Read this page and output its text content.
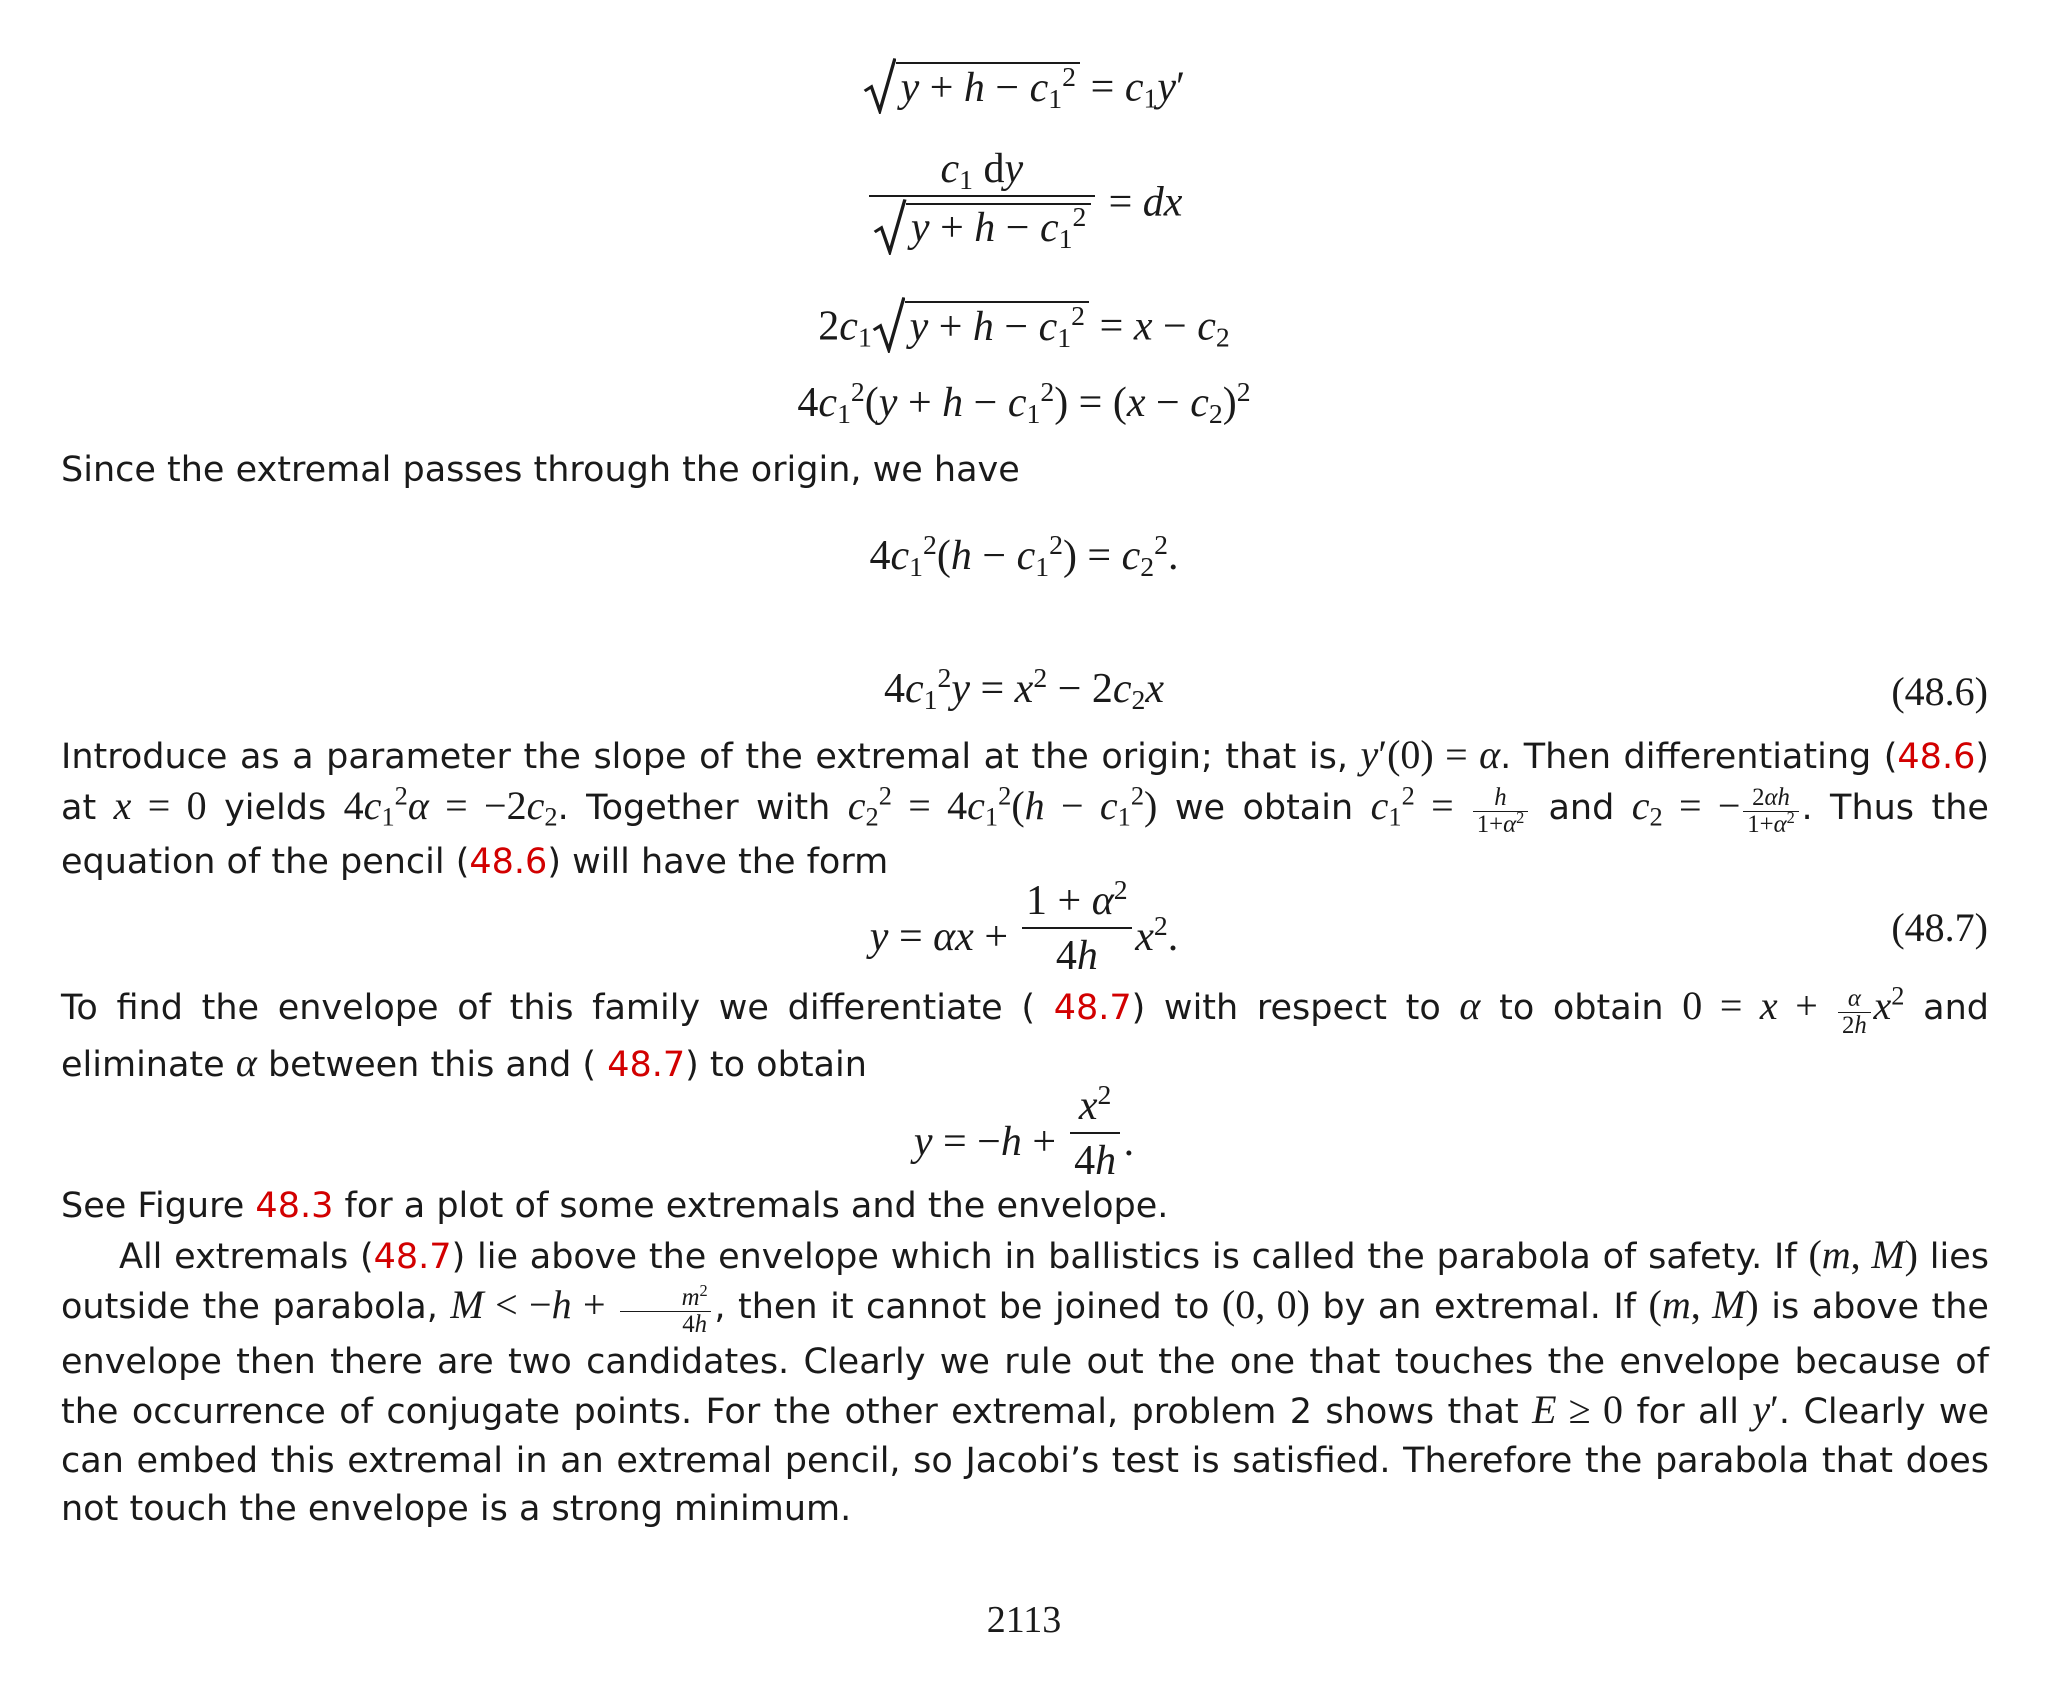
$y + h - c_1^2 = c_1y'$
$\frac{c_1 dy}{y + h - c_1^2}$ = dx
$2c_1$ $y + h - c_1^2 = x - c_2$
$4c_1^2(y + h - c_1^2) = (x - c_2)^2$
Since the extremal passes through the origin, we have
$4c_1^2(h - c_1^2) = c_2^2$.
$4c_1^2y = x^2 - 2c_2x$	(48.6)
Introduce as a parameter the slope of the extremal at the origin; that is, y′(0) = α. Then differentiating (48.6) at x = 0 yields $4c_1^2\alpha = -2c_2$. Together with $c_2^2 = 4c_1^2(h - c_1^2)$ we obtain $c_1^2 = \frac{h}{1+\alpha^2}$ and $c_2$ = − $\frac{2\alpha h}{1+\alpha^2}$ . Thus the equation of the pencil (48.6) will have the form
$y = \alpha x + \frac{1 + \alpha^2}{4h} x^2$.	(48.7)
To find the envelope of this family we differentiate ( 48.7) with respect to α to obtain $0 = x + \frac{\alpha}{2h} x^2$ and eliminate α between this and ( 48.7) to obtain
$y = -h + \frac{x^2}{4h}$ .
See Figure 48.3 for a plot of some extremals and the envelope.
All extremals (48.7) lie above the envelope which in ballistics is called the parabola of safety. If (m, M) lies outside the parabola, $M < -h + \frac{m^2}{4h}$ , then it cannot be joined to (0, 0) by an extremal. If (m, M) is above the envelope then there are two candidates. Clearly we rule out the one that touches the envelope because of the occurrence of conjugate points. For the other extremal, problem 2 shows that E ≥ 0 for all y′. Clearly we can embed this extremal in an extremal pencil, so Jacobi’s test is satisfied. Therefore the parabola that does not touch the envelope is a strong minimum.
2113
